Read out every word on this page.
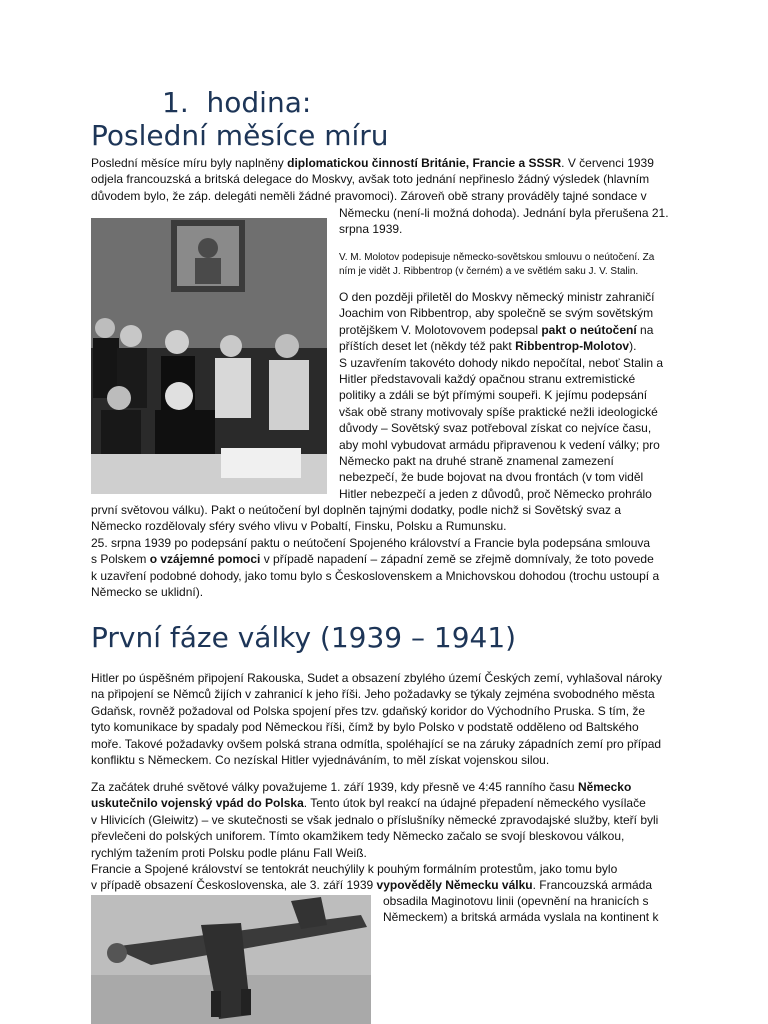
1. hodina:
Poslední měsíce míru
Poslední měsíce míru byly naplněny diplomatickou činností Británie, Francie a SSSR. V červenci 1939
odjela francouzská a britská delegace do Moskvy, avšak toto jednání nepřineslo žádný výsledek (hlavním
důvodem bylo, že záp. delegáti neměli žádné pravomoci). Zároveň obě strany prováděly tajné sondace v
Německu (není-li možná dohoda). Jednání byla přerušena 21.
srpna 1939.
V. M. Molotov podepisuje německo-sovětskou smlouvu o neútočení. Za
ním je vidět J. Ribbentrop (v černém) a ve světlém saku J. V. Stalin.
O den později přiletěl do Moskvy německý ministr zahraničí
Joachim von Ribbentrop, aby společně se svým sovětským
protějškem V. Molotovovem podepsal pakt o neútočení na
příštích deset let (někdy též pakt Ribbentrop-Molotov).
S uzavřením takovéto dohody nikdo nepočítal, neboť Stalin a
Hitler představovali každý opačnou stranu extremistické
politiky a zdáli se být přímými soupeři. K jejímu podepsání
však obě strany motivovaly spíše praktické nežli ideologické
důvody – Sovětský svaz potřeboval získat co nejvíce času,
aby mohl vybudovat armádu připravenou k vedení války; pro
Německo pakt na druhé straně znamenal zamezení
nebezpečí, že bude bojovat na dvou frontách (v tom viděl
Hitler nebezpečí a jeden z důvodů, proč Německo prohrálo
první světovou válku). Pakt o neútočení byl doplněn tajnými dodatky, podle nichž si Sovětský svaz a
Německo rozdělovaly sféry svého vlivu v Pobaltí, Finsku, Polsku a Rumunsku.
25. srpna 1939 po podepsání paktu o neútočení Spojeného království a Francie byla podepsána smlouva
s Polskem o vzájemné pomoci v případě napadení – západní země se zřejmě domnívaly, že toto povede
k uzavření podobné dohody, jako tomu bylo s Československem a Mnichovskou dohodou (trochu ustoupí a
Německo se uklidní).
První fáze války (1939 – 1941)
Hitler po úspěšném připojení Rakouska, Sudet a obsazení zbylého území Českých zemí, vyhlašoval nároky
na připojení se Němců žijích v zahranicí k jeho říši. Jeho požadavky se týkaly zejména svobodného města
Gdaňsk, rovněž požadoval od Polska spojení přes tzv. gdaňský koridor do Východního Pruska. S tím, že
tyto komunikace by spadaly pod Německou říši, čímž by bylo Polsko v podstatě odděleno od Baltského
moře. Takové požadavky ovšem polská strana odmítla, spoléhající se na záruky západních zemí pro případ
konfliktu s Německem. Co nezískal Hitler vyjednáváním, to měl získat vojenskou silou.
Za začátek druhé světové války považujeme 1. září 1939, kdy přesně ve 4:45 ranního času Německo
uskutečnilo vojenský vpád do Polska. Tento útok byl reakcí na údajné přepadení německého vysílače
v Hlivicích (Gleiwitz) – ve skutečnosti se však jednalo o příslušníky německé zpravodajské služby, kteří byli
převlečeni do polských uniforem. Tímto okamžikem tedy Německo začalo se svojí bleskovou válkou,
rychlým tažením proti Polsku podle plánu Fall Weiß.
Francie a Spojené království se tentokrát neuchýlily k pouhým formálním protestům, jako tomu bylo
v případě obsazení Československa, ale 3. září 1939 vypověděly Německu válku. Francouzská armáda
obsadila Maginotovu linii (opevnění na hranicích s
Německem) a britská armáda vyslala na kontinent k
